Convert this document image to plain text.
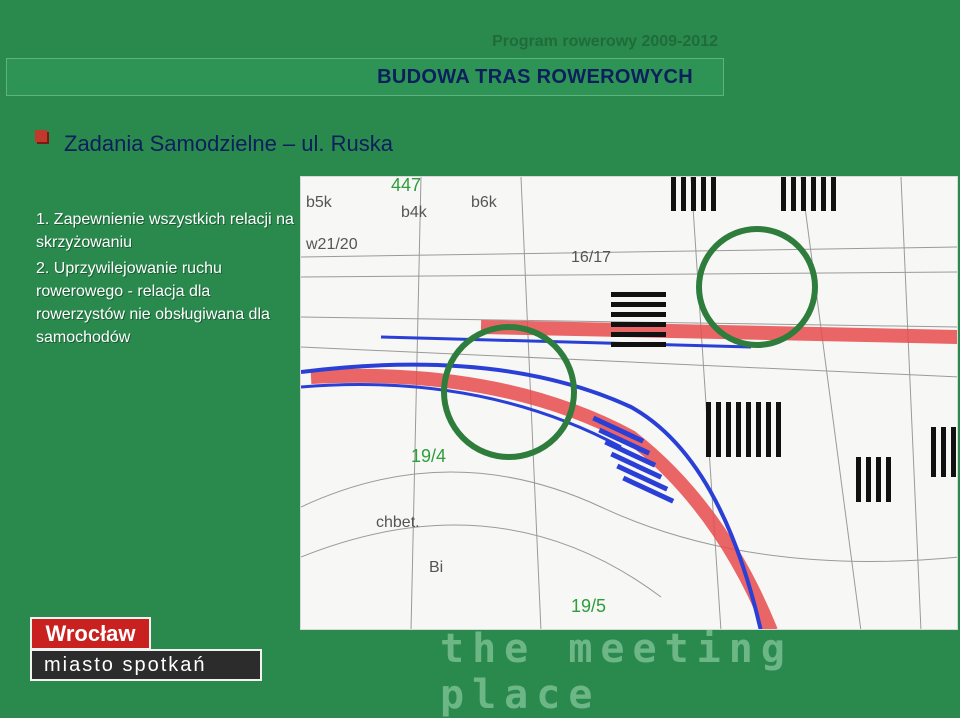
Program rowerowy 2009-2012
BUDOWA TRAS ROWEROWYCH
Zadania Samodzielne – ul. Ruska

1. Zapewnienie wszystkich relacji na skrzyżowaniu

2. Uprzywilejowanie ruchu rowerowego - relacja dla rowerzystów nie obsługiwana dla samochodów

447
19/4
19/5
b5k
b4k
b6k
16/17
Bi
chbet.
w21/20
Wrocław
miasto spotkań	the meeting place
